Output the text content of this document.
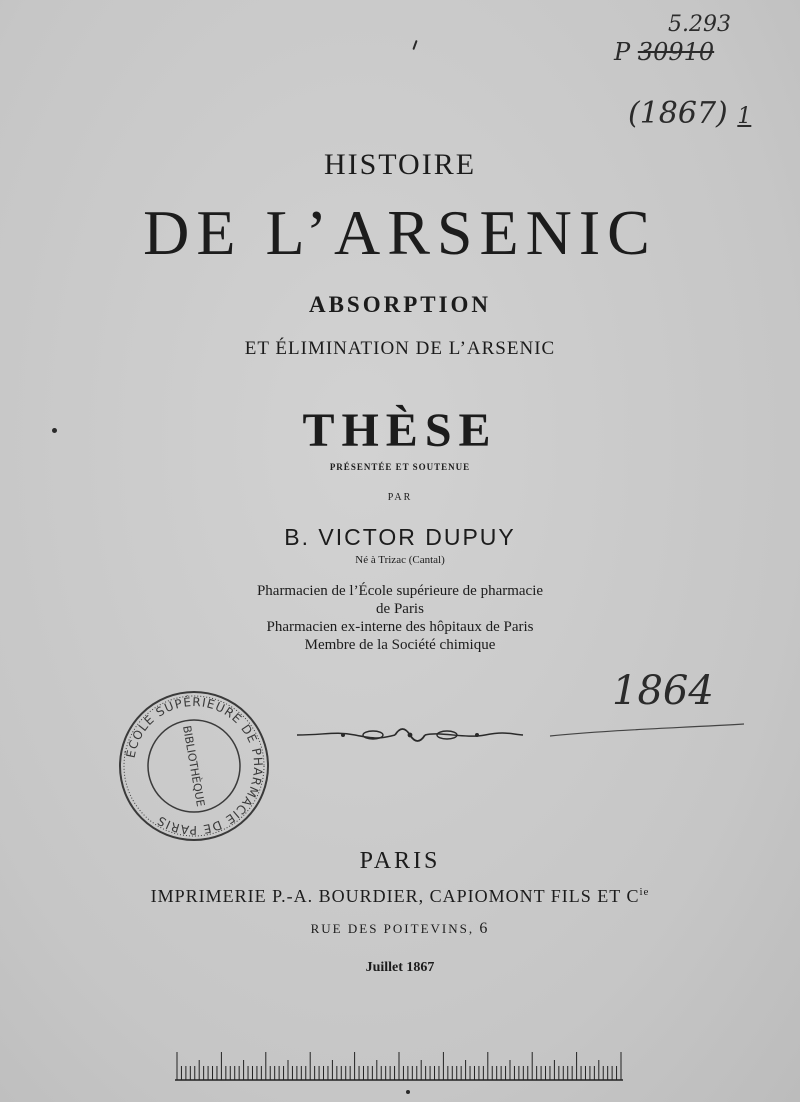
5.293
P 30910
(1867) 1
HISTOIRE
DE L’ARSENIC
ABSORPTION
ET ÉLIMINATION DE L’ARSENIC
THÈSE
PRÉSENTÉE ET SOUTENUE
PAR
B. VICTOR DUPUY
Né à Trizac (Cantal)
Pharmacien de l’École supérieure de pharmacie
de Paris
Pharmacien ex-interne des hôpitaux de Paris
Membre de la Société chimique
ÉCOLE SUPÉRIEURE DE PHARMACIE DE PARIS
BIBLIOTHÈQUE
1864
PARIS
IMPRIMERIE P.-A. BOURDIER, CAPIOMONT FILS ET $C^{ie}$
RUE DES POITEVINS, 6
Juillet 1867
